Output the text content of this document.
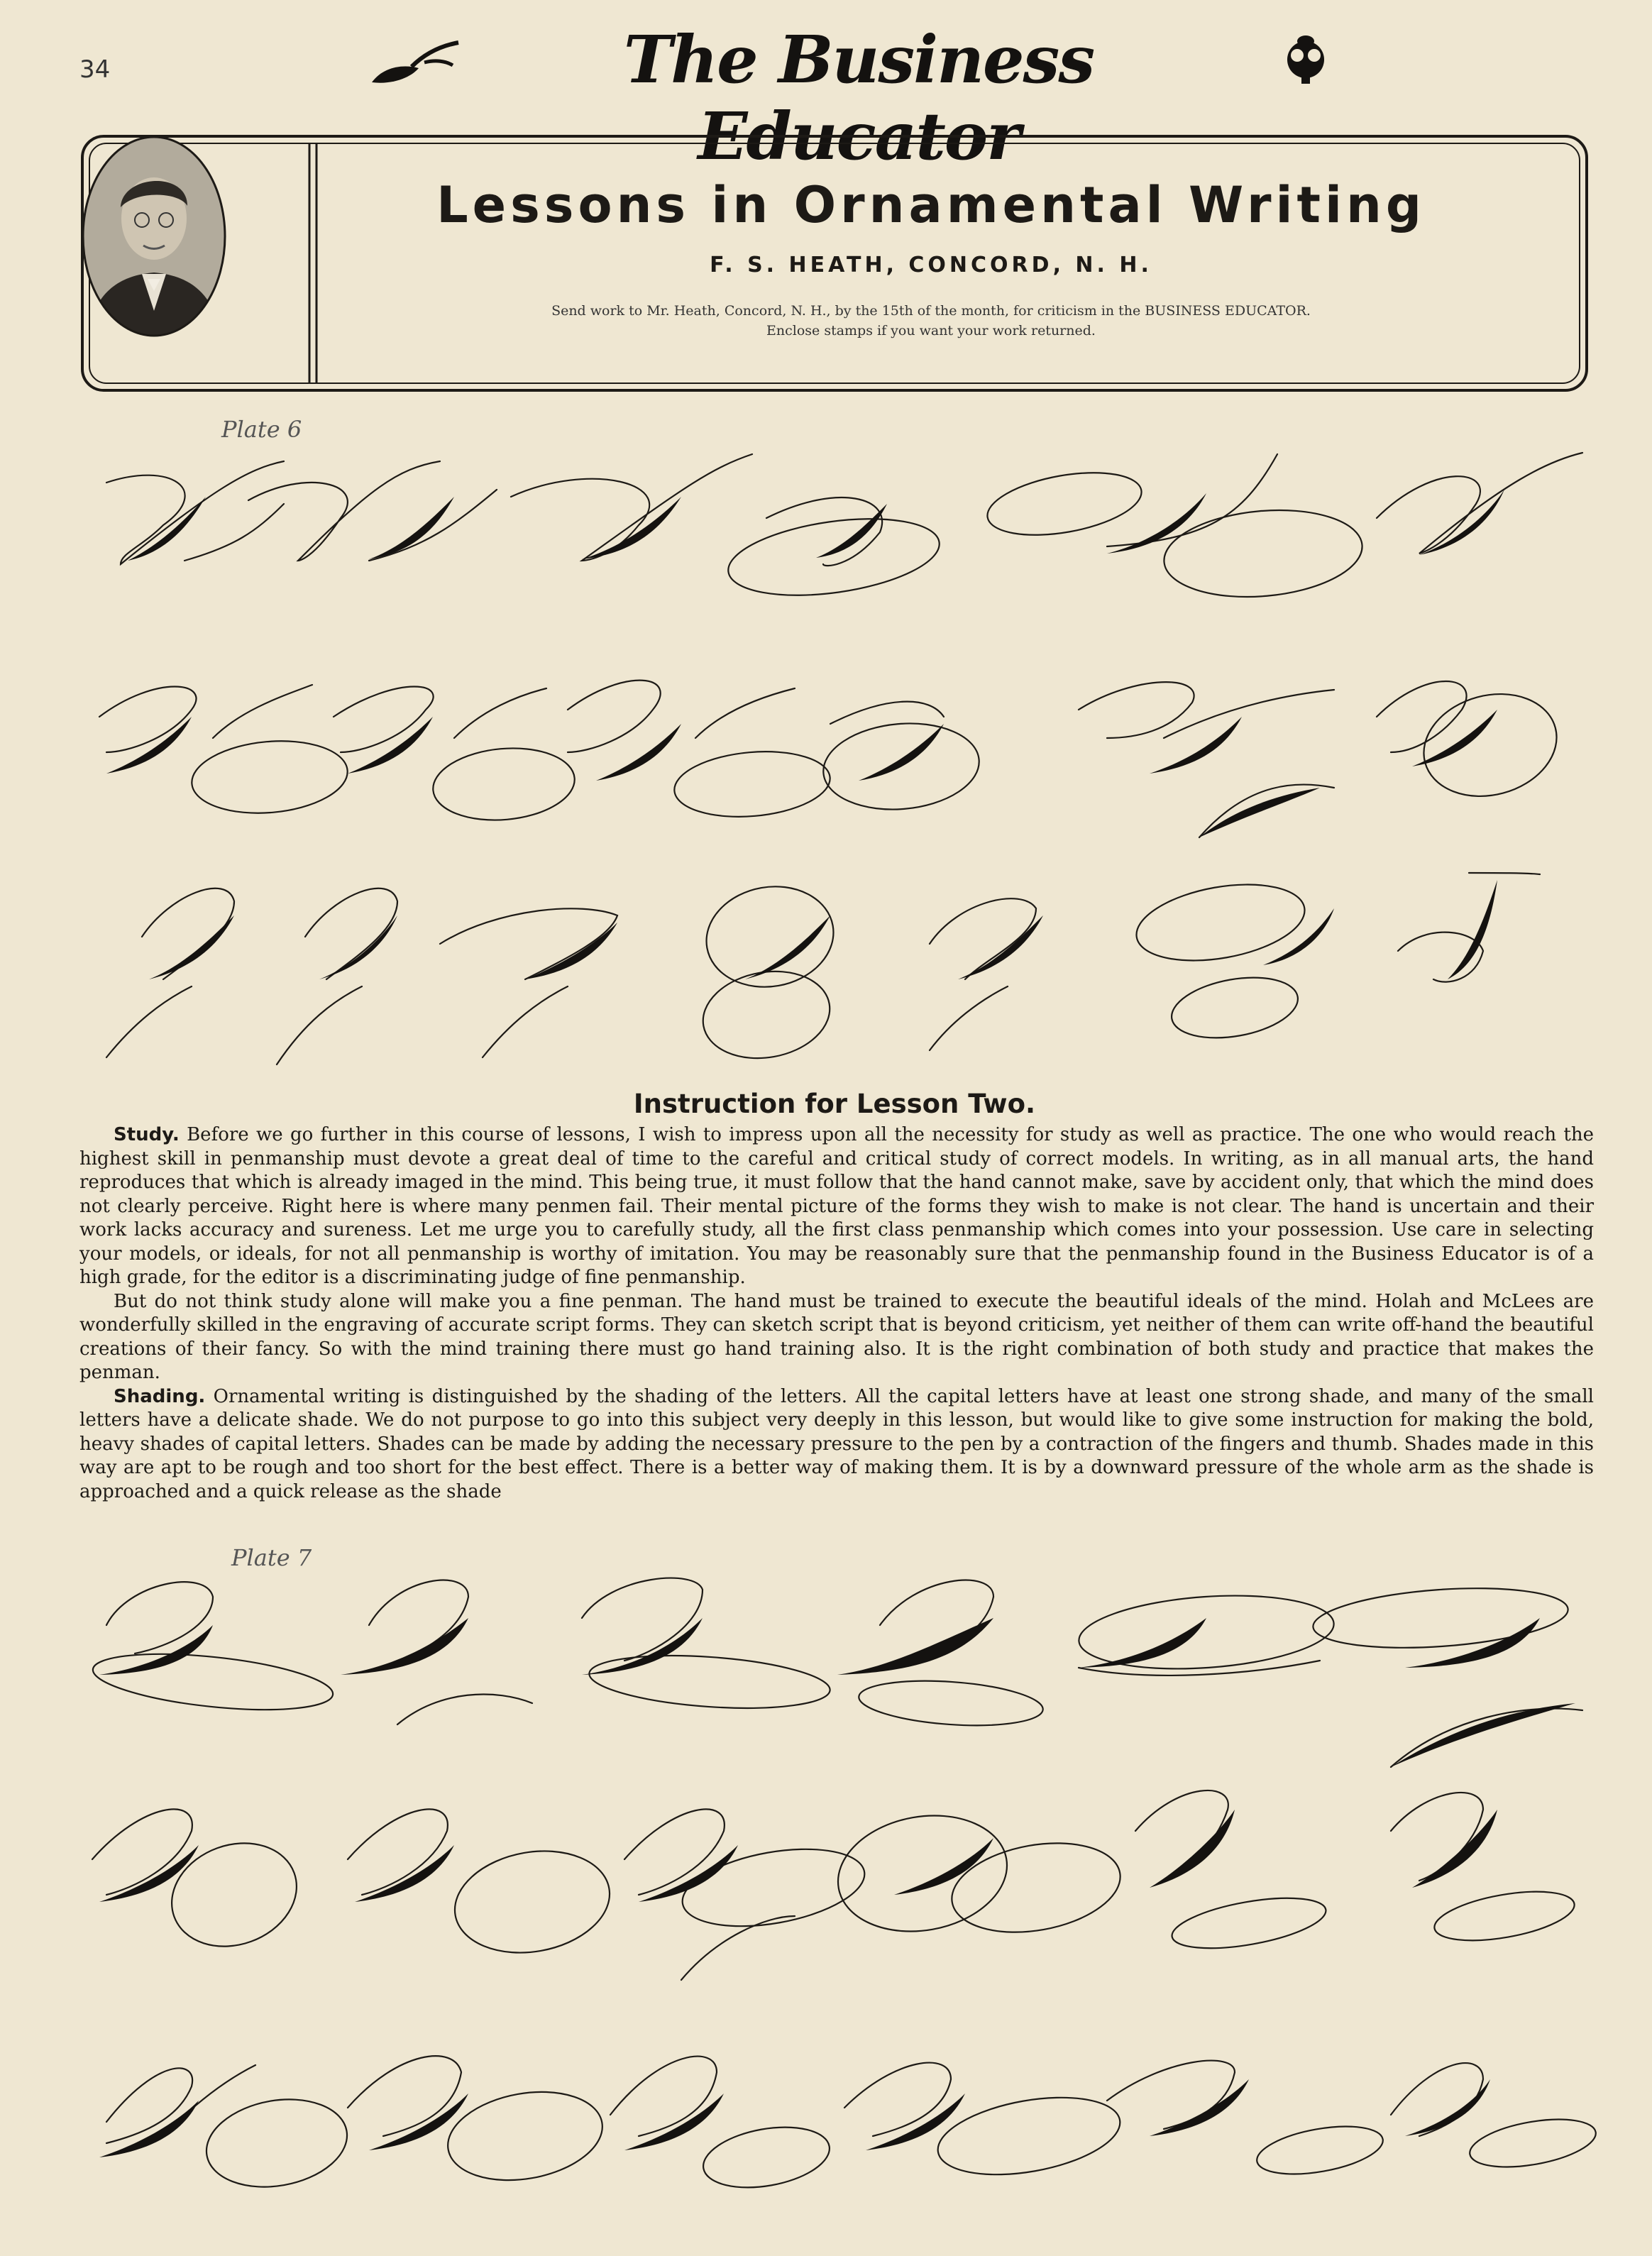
34	The Business Educator
Lessons in Ornamental Writing
F. S. HEATH, CONCORD, N. H.
Send work to Mr. Heath, Concord, N. H., by the 15th of the month, for criticism in the BUSINESS EDUCATOR.
Enclose stamps if you want your work returned.
Plate 6
Instruction for Lesson Two.

Study. Before we go further in this course of lessons, I wish to impress upon all the necessity for study as well as practice. The one who would reach the highest skill in penmanship must devote a great deal of time to the careful and critical study of correct models. In writing, as in all manual arts, the hand reproduces that which is already imaged in the mind. This being true, it must follow that the hand cannot make, save by accident only, that which the mind does not clearly perceive. Right here is where many penmen fail. Their mental picture of the forms they wish to make is not clear. The hand is uncertain and their work lacks accuracy and sureness. Let me urge you to carefully study, all the first class penmanship which comes into your possession. Use care in selecting your models, or ideals, for not all penmanship is worthy of imitation. You may be reasonably sure that the penmanship found in the Business Educator is of a high grade, for the editor is a discriminating judge of fine penmanship.

But do not think study alone will make you a fine penman. The hand must be trained to execute the beautiful ideals of the mind. Holah and McLees are wonderfully skilled in the engraving of accurate script forms. They can sketch script that is beyond criticism, yet neither of them can write off-hand the beautiful creations of their fancy. So with the mind training there must go hand training also. It is the right combination of both study and practice that makes the penman.

Shading. Ornamental writing is distinguished by the shading of the letters. All the capital letters have at least one strong shade, and many of the small letters have a delicate shade. We do not purpose to go into this subject very deeply in this lesson, but would like to give some instruction for making the bold, heavy shades of capital letters. Shades can be made by adding the necessary pressure to the pen by a contraction of the fingers and thumb. Shades made in this way are apt to be rough and too short for the best effect. There is a better way of making them. It is by a downward pressure of the whole arm as the shade is approached and a quick release as the shade

Plate 7
